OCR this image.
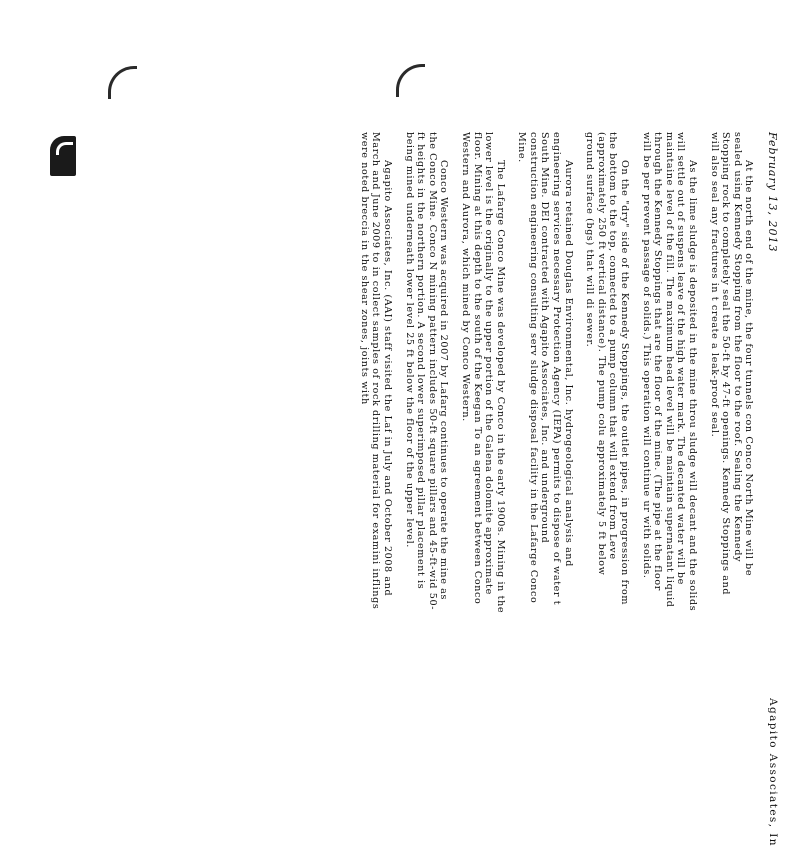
February 13, 2013

At the north end of the mine, the four tunnels con Conco North Mine will be sealed using Kennedy Stopping from the floor to the roof. Sealing the Kennedy Stopping rock to completely seal the 50-ft by 47-ft openings. Kennedy Stoppings and will also seal any fractures in t create a leak-proof seal.

As the lime sludge is deposited in the mine throu sludge will decant and the solids will settle out of suspens leave of the high water mark. The decanted water will be maintaine level of the fill. The maximum head level will be maintain supernatant liquid through the Kennedy Stoppings that are the floor of the mine. (The pipe at the floor will be per prevent passage of solids.) This operation will continue ur with solids.

On the "dry" side of the Kennedy Stoppings, the outlet pipes, in progression from the bottom to the top, connected to a pump column that will extend from Leve (approximately 250 ft vertical distance). The pump colu approximately 5 ft below ground surface (bgs) that will di sewer.

Aurora retained Douglas Environmental, Inc. hydrogeological analysis and engineering services necessary Protection Agency (IEPA) permits to dispose of water t South Mine. DEI contracted with Agapito Associates, Inc. and underground construction engineering consulting serv sludge disposal facility in the Lafarge Conco Mine.

The Lafarge Conco Mine was developed by Conco in the early 1900s. Mining in the lower level is the originally to the upper portion of the Galena dolomite approximate floor. Mining at this depth to the south of the Keegan To an agreement between Conco Western and Aurora, which mined by Conco Western.

Conco Western was acquired in 2007 by Lafarg continues to operate the mine as the Conco Mine. Conco N mining pattern includes 50-ft square pillars and 45-ft-wid 50-ft heights in the northern portion. A second lower superimposed pillar placement is being mined underneath lower level 25 ft below the floor of the upper level.

Agapito Associates, Inc. (AAI) staff visited the Laf in July and October 2008 and March and June 2009 to in collect samples of rock drilling material for examini inflings were noted breccia in the shear zones, joints with

Agapito Associates, In
